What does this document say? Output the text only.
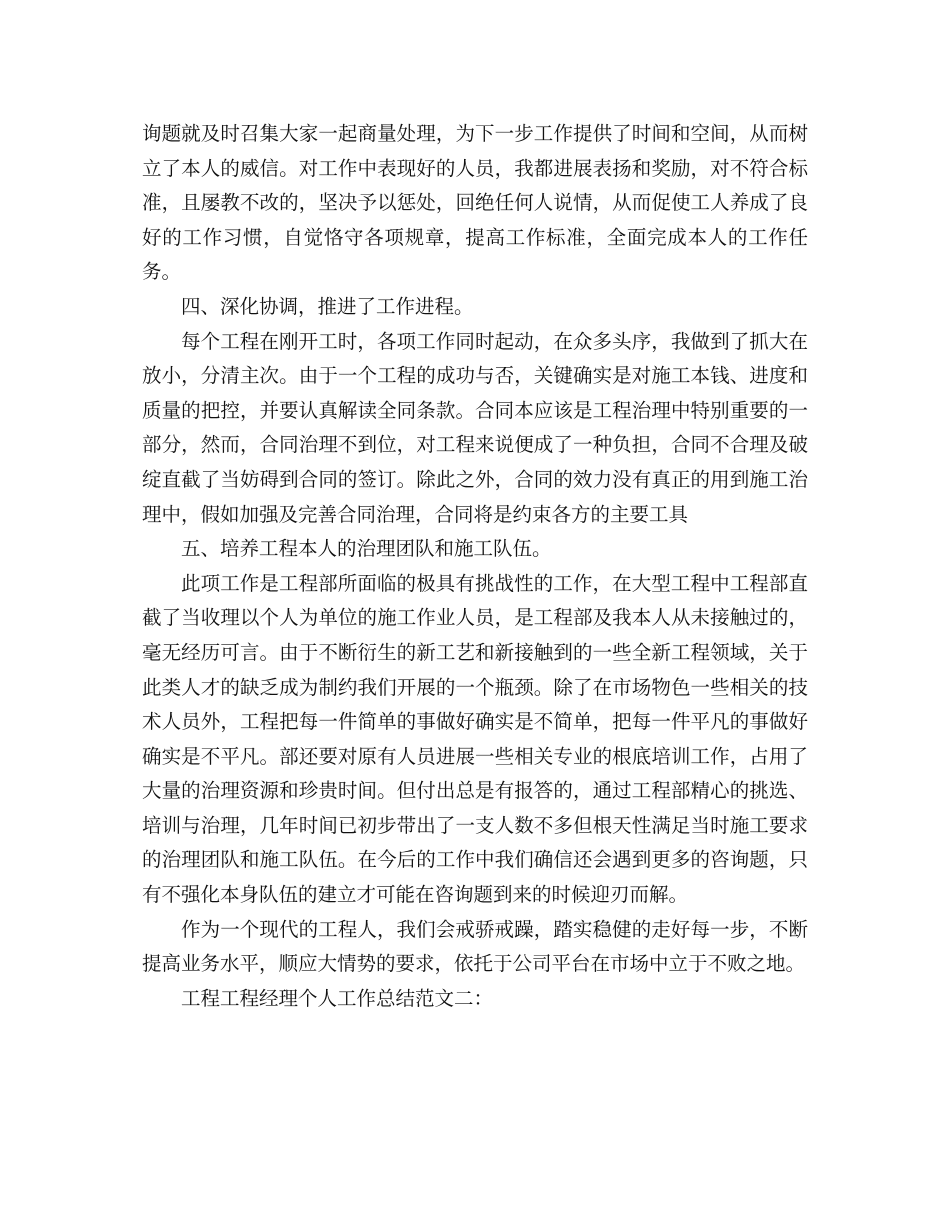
询题就及时召集大家一起商量处理，为下一步工作提供了时间和空间，从而树立了本人的威信。对工作中表现好的人员，我都进展表扬和奖励，对不符合标准，且屡教不改的，坚决予以惩处，回绝任何人说情，从而促使工人养成了良好的工作习惯，自觉恪守各项规章，提高工作标准，全面完成本人的工作任务。

四、深化协调，推进了工作进程。

每个工程在刚开工时，各项工作同时起动，在众多头序，我做到了抓大在放小，分清主次。由于一个工程的成功与否，关键确实是对施工本钱、进度和质量的把控，并要认真解读全同条款。合同本应该是工程治理中特别重要的一部分，然而，合同治理不到位，对工程来说便成了一种负担，合同不合理及破绽直截了当妨碍到合同的签订。除此之外，合同的效力没有真正的用到施工治理中，假如加强及完善合同治理，合同将是约束各方的主要工具

五、培养工程本人的治理团队和施工队伍。

此项工作是工程部所面临的极具有挑战性的工作，在大型工程中工程部直截了当收理以个人为单位的施工作业人员，是工程部及我本人从未接触过的，毫无经历可言。由于不断衍生的新工艺和新接触到的一些全新工程领域，关于此类人才的缺乏成为制约我们开展的一个瓶颈。除了在市场物色一些相关的技术人员外，工程把每一件简单的事做好确实是不简单，把每一件平凡的事做好确实是不平凡。部还要对原有人员进展一些相关专业的根底培训工作，占用了大量的治理资源和珍贵时间。但付出总是有报答的，通过工程部精心的挑选、培训与治理，几年时间已初步带出了一支人数不多但根天性满足当时施工要求的治理团队和施工队伍。在今后的工作中我们确信还会遇到更多的咨询题，只有不强化本身队伍的建立才可能在咨询题到来的时候迎刃而解。

作为一个现代的工程人，我们会戒骄戒躁，踏实稳健的走好每一步，不断提高业务水平，顺应大情势的要求，依托于公司平台在市场中立于不败之地。

工程工程经理个人工作总结范文二：
